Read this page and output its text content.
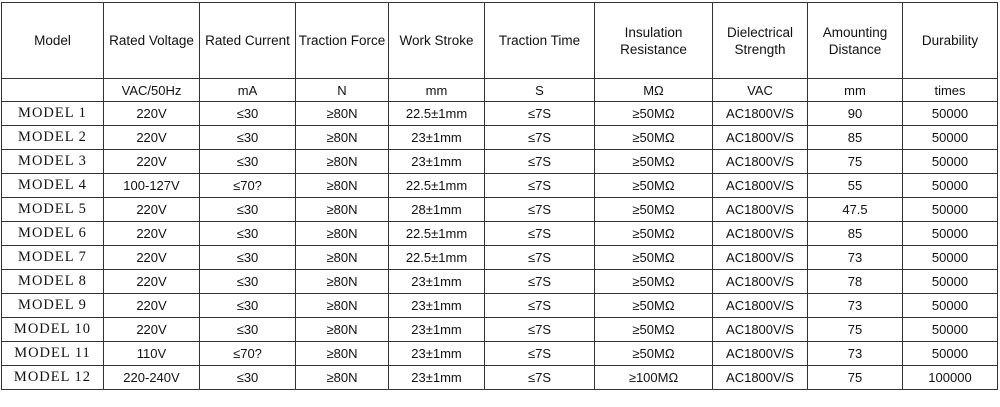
Model	Rated Voltage	Rated Current	Traction Force	Work Stroke	Traction Time	Insulation Resistance	Dielectrical Strength	Amounting Distance	Durability
	VAC/50Hz	mA	N	mm	S	MΩ	VAC	mm	times
MODEL 1	220V	≤30	≥80N	22.5±1mm	≤7S	≥50MΩ	AC1800V/S	90	50000
MODEL 2	220V	≤30	≥80N	23±1mm	≤7S	≥50MΩ	AC1800V/S	85	50000
MODEL 3	220V	≤30	≥80N	23±1mm	≤7S	≥50MΩ	AC1800V/S	75	50000
MODEL 4	100-127V	≤70?	≥80N	22.5±1mm	≤7S	≥50MΩ	AC1800V/S	55	50000
MODEL 5	220V	≤30	≥80N	28±1mm	≤7S	≥50MΩ	AC1800V/S	47.5	50000
MODEL 6	220V	≤30	≥80N	22.5±1mm	≤7S	≥50MΩ	AC1800V/S	85	50000
MODEL 7	220V	≤30	≥80N	22.5±1mm	≤7S	≥50MΩ	AC1800V/S	73	50000
MODEL 8	220V	≤30	≥80N	23±1mm	≤7S	≥50MΩ	AC1800V/S	78	50000
MODEL 9	220V	≤30	≥80N	23±1mm	≤7S	≥50MΩ	AC1800V/S	73	50000
MODEL 10	220V	≤30	≥80N	23±1mm	≤7S	≥50MΩ	AC1800V/S	75	50000
MODEL 11	110V	≤70?	≥80N	23±1mm	≤7S	≥50MΩ	AC1800V/S	73	50000
MODEL 12	220-240V	≤30	≥80N	23±1mm	≤7S	≥100MΩ	AC1800V/S	75	100000
